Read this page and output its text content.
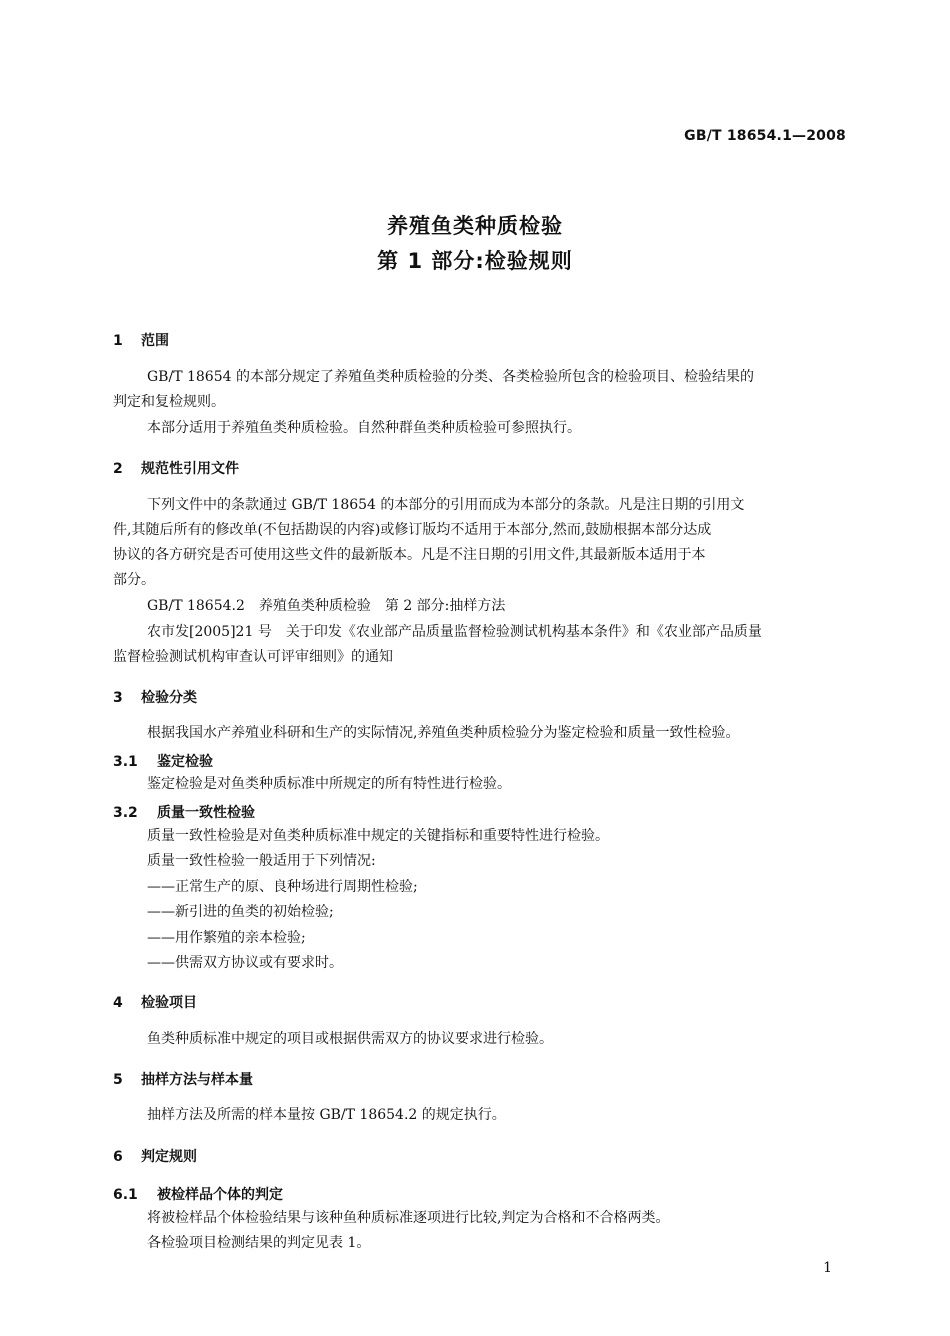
GB/T 18654.1—2008
养殖鱼类种质检验
第 1 部分:检验规则
1 范围
GB/T 18654 的本部分规定了养殖鱼类种质检验的分类、各类检验所包含的检验项目、检验结果的
判定和复检规则。
本部分适用于养殖鱼类种质检验。自然种群鱼类种质检验可参照执行。
2 规范性引用文件
下列文件中的条款通过 GB/T 18654 的本部分的引用而成为本部分的条款。凡是注日期的引用文
件,其随后所有的修改单(不包括勘误的内容)或修订版均不适用于本部分,然而,鼓励根据本部分达成
协议的各方研究是否可使用这些文件的最新版本。凡是不注日期的引用文件,其最新版本适用于本
部分。
GB/T 18654.2　养殖鱼类种质检验　第 2 部分:抽样方法
农市发[2005]21 号　关于印发《农业部产品质量监督检验测试机构基本条件》和《农业部产品质量
监督检验测试机构审查认可评审细则》的通知
3 检验分类
根据我国水产养殖业科研和生产的实际情况,养殖鱼类种质检验分为鉴定检验和质量一致性检验。
3.1 鉴定检验
鉴定检验是对鱼类种质标准中所规定的所有特性进行检验。
3.2 质量一致性检验
质量一致性检验是对鱼类种质标准中规定的关键指标和重要特性进行检验。
质量一致性检验一般适用于下列情况:
——正常生产的原、良种场进行周期性检验;
——新引进的鱼类的初始检验;
——用作繁殖的亲本检验;
——供需双方协议或有要求时。
4 检验项目
鱼类种质标准中规定的项目或根据供需双方的协议要求进行检验。
5 抽样方法与样本量
抽样方法及所需的样本量按 GB/T 18654.2 的规定执行。
6 判定规则
6.1 被检样品个体的判定
将被检样品个体检验结果与该种鱼种质标准逐项进行比较,判定为合格和不合格两类。
各检验项目检测结果的判定见表 1。
1
